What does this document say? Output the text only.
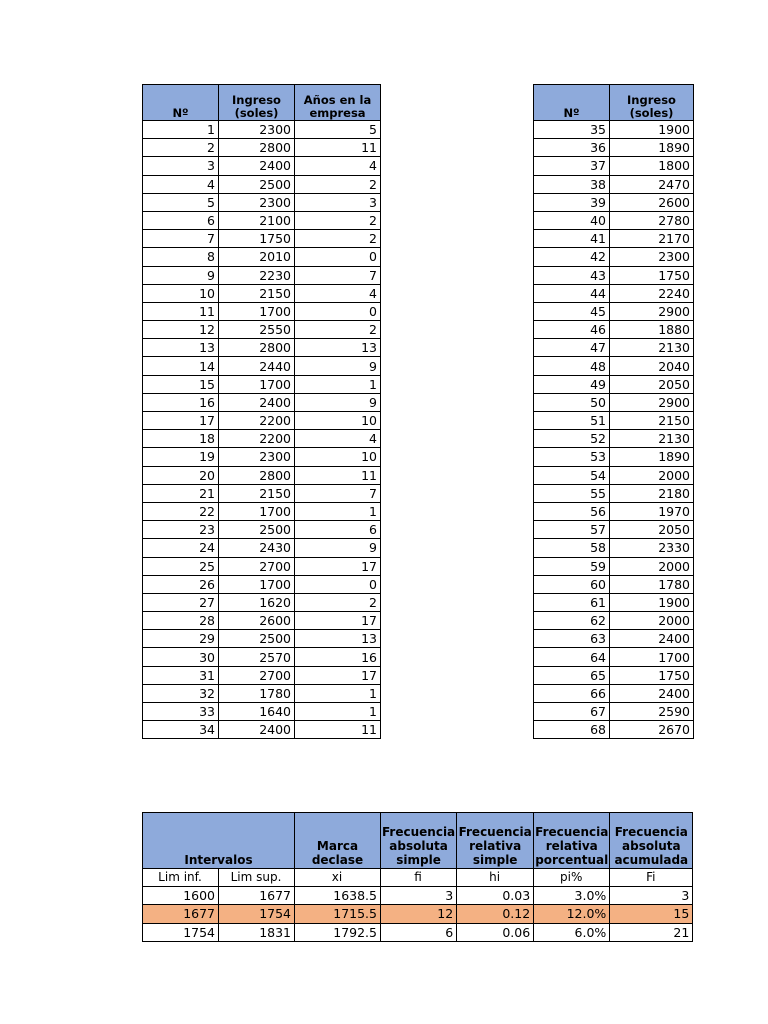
Nº	Ingreso (soles)	Años en la empresa
1	2300	5
2	2800	11
3	2400	4
4	2500	2
5	2300	3
6	2100	2
7	1750	2
8	2010	0
9	2230	7
10	2150	4
11	1700	0
12	2550	2
13	2800	13
14	2440	9
15	1700	1
16	2400	9
17	2200	10
18	2200	4
19	2300	10
20	2800	11
21	2150	7
22	1700	1
23	2500	6
24	2430	9
25	2700	17
26	1700	0
27	1620	2
28	2600	17
29	2500	13
30	2570	16
31	2700	17
32	1780	1
33	1640	1
34	2400	11
Nº	Ingreso (soles)
35	1900
36	1890
37	1800
38	2470
39	2600
40	2780
41	2170
42	2300
43	1750
44	2240
45	2900
46	1880
47	2130
48	2040
49	2050
50	2900
51	2150
52	2130
53	1890
54	2000
55	2180
56	1970
57	2050
58	2330
59	2000
60	1780
61	1900
62	2000
63	2400
64	1700
65	1750
66	2400
67	2590
68	2670
Intervalos		Marca declase	Frecuencia absoluta simple	Frecuencia relativa simple	Frecuencia relativa porcentual	Frecuencia absoluta acumulada
Lim inf.	Lim sup.	xi	fi	hi	pi%	Fi
1600	1677	1638.5	3	0.03	3.0%	3
1677	1754	1715.5	12	0.12	12.0%	15
1754	1831	1792.5	6	0.06	6.0%	21
